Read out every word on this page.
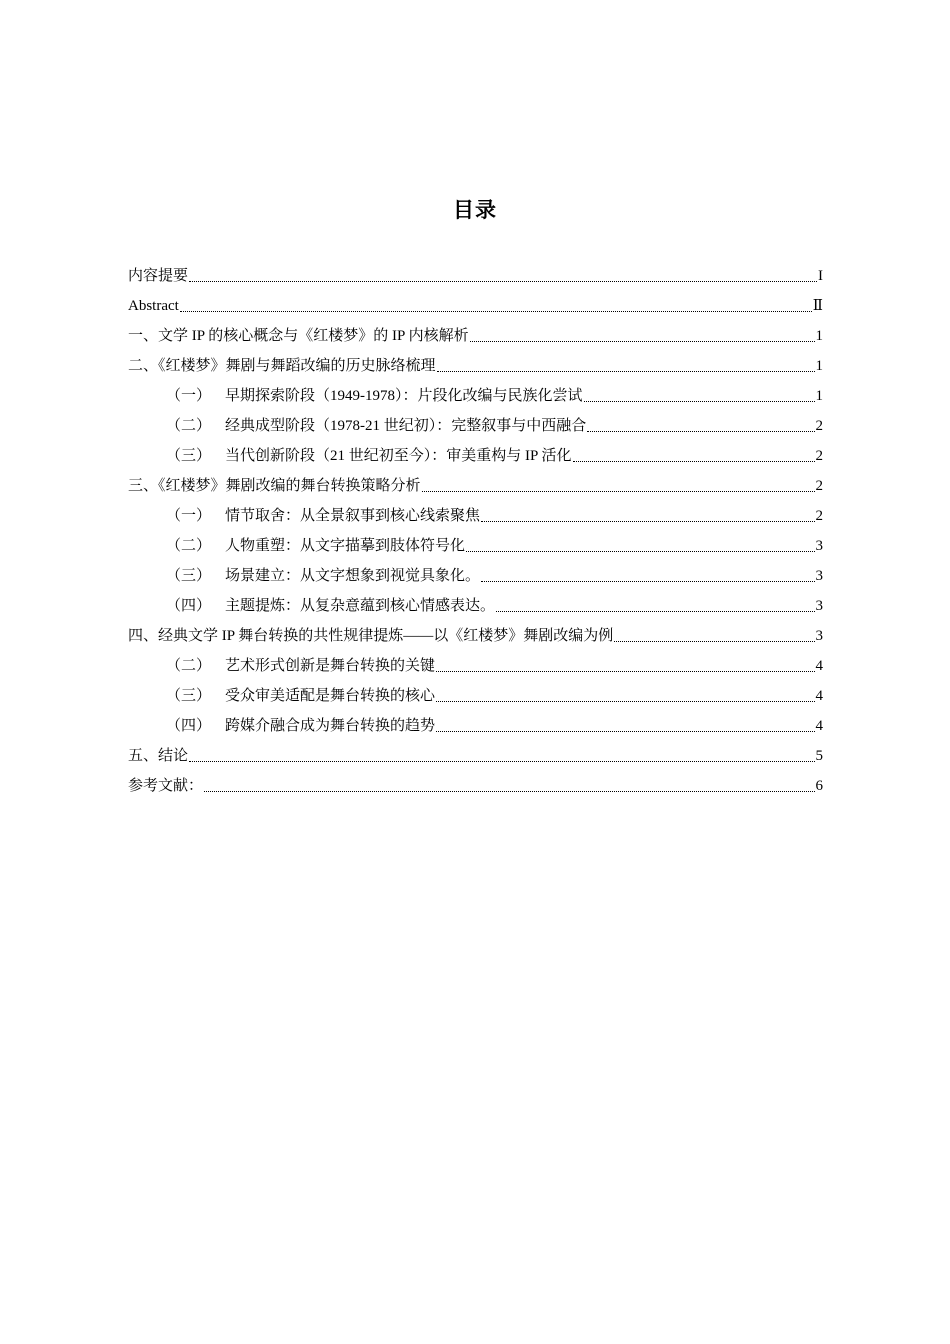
目录
内容提要	I
Abstract	Ⅱ
一、文学 IP 的核心概念与《红楼梦》的 IP 内核解析	1
二、《红楼梦》舞剧与舞蹈改编的历史脉络梳理	1
（一） 早期探索阶段（1949-1978）：片段化改编与民族化尝试	1
（二） 经典成型阶段（1978-21 世纪初）：完整叙事与中西融合	2
（三） 当代创新阶段（21 世纪初至今）：审美重构与 IP 活化	2
三、《红楼梦》舞剧改编的舞台转换策略分析	2
（一） 情节取舍：从全景叙事到核心线索聚焦	2
（二） 人物重塑：从文字描摹到肢体符号化	3
（三） 场景建立：从文字想象到视觉具象化。	3
（四） 主题提炼：从复杂意蕴到核心情感表达。	3
四、经典文学 IP 舞台转换的共性规律提炼——以《红楼梦》舞剧改编为例	3
（二） 艺术形式创新是舞台转换的关键	4
（三） 受众审美适配是舞台转换的核心	4
（四） 跨媒介融合成为舞台转换的趋势	4
五、结论	5
参考文献：	6
